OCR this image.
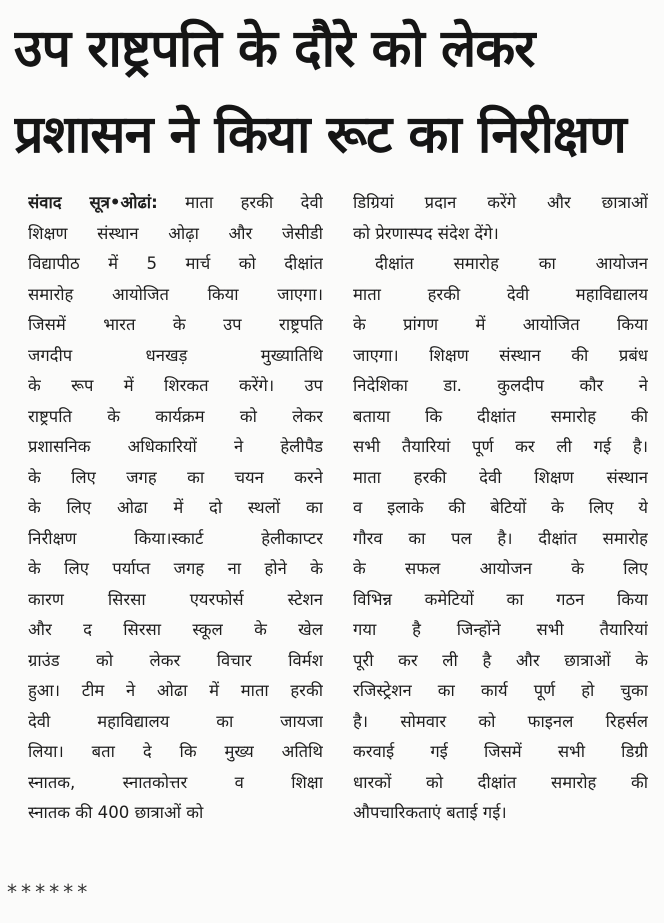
उप राष्ट्रपति के दौरे को लेकर
प्रशासन ने किया रूट का निरीक्षण
संवाद सूत्र•ओढां: माता हरकी देवी
शिक्षण संस्थान ओढ़ा और जेसीडी
विद्यापीठ में 5 मार्च को दीक्षांत
समारोह आयोजित किया जाएगा।
जिसमें भारत के उप राष्ट्रपति
जगदीप धनखड़ मुख्यातिथि
के रूप में शिरकत करेंगे। उप
राष्ट्रपति के कार्यक्रम को लेकर
प्रशासनिक अधिकारियों ने हेलीपैड
के लिए जगह का चयन करने
के लिए ओढा में दो स्थलों का
निरीक्षण किया।स्कार्ट हेलीकाप्टर
के लिए पर्याप्त जगह ना होने के
कारण सिरसा एयरफोर्स स्टेशन
और द सिरसा स्कूल के खेल
ग्राउंड को लेकर विचार विर्मश
हुआ। टीम ने ओढा में माता हरकी
देवी महाविद्यालय का जायजा
लिया। बता दे कि मुख्य अतिथि
स्नातक, स्नातकोत्तर व शिक्षा
स्नातक की 400 छात्राओं को
डिग्रियां प्रदान करेंगे और छात्राओं
को प्रेरणास्पद संदेश देंगे।
दीक्षांत समारोह का आयोजन
माता हरकी देवी महाविद्यालय
के प्रांगण में आयोजित किया
जाएगा। शिक्षण संस्थान की प्रबंध
निदेशिका डा. कुलदीप कौर ने
बताया कि दीक्षांत समारोह की
सभी तैयारियां पूर्ण कर ली गई है।
माता हरकी देवी शिक्षण संस्थान
व इलाके की बेटियों के लिए ये
गौरव का पल है। दीक्षांत समारोह
के सफल आयोजन के लिए
विभिन्न कमेटियों का गठन किया
गया है जिन्होंने सभी तैयारियां
पूरी कर ली है और छात्राओं के
रजिस्ट्रेशन का कार्य पूर्ण हो चुका
है। सोमवार को फाइनल रिहर्सल
करवाई गई जिसमें सभी डिग्री
धारकों को दीक्षांत समारोह की
औपचारिकताएं बताई गई।
******
